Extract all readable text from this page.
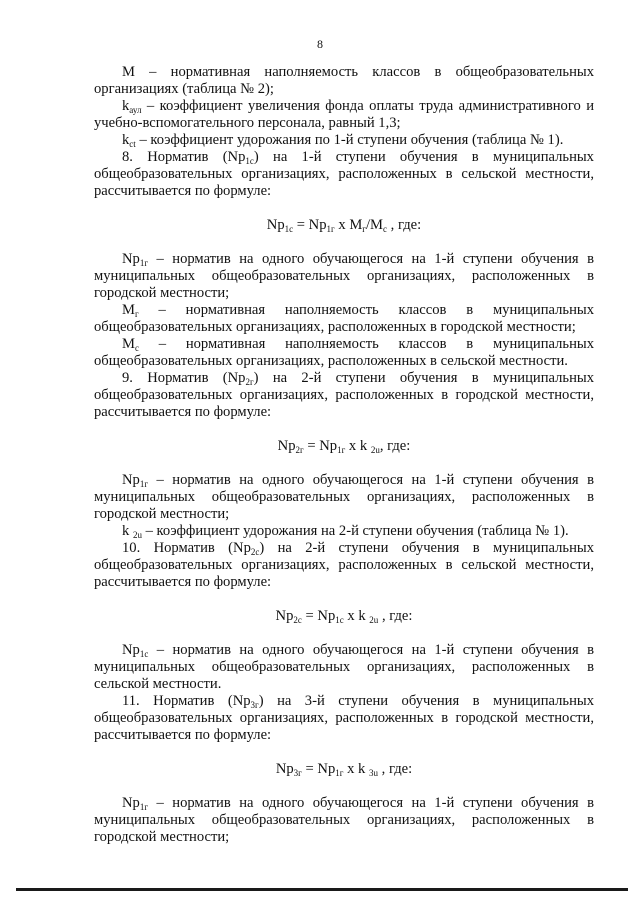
8

М – нормативная наполняемость классов в общеобразовательных организациях (таблица № 2);

$k_{аул}$ – коэффициент увеличения фонда оплаты труда административного и учебно-вспомогательного персонала, равный 1,3;

$k_{ct}$ – коэффициент удорожания по 1-й ступени обучения (таблица № 1).

8. Норматив $(Np_{1c})$ на 1-й ступени обучения в муниципальных общеобразовательных организациях, расположенных в сельской местности, рассчитывается по формуле:

$Np_{1c} = Np_{1г}$ x $M_г/M_c$ , где:

$Np_{1г}$ – норматив на одного обучающегося на 1-й ступени обучения в муниципальных общеобразовательных организациях, расположенных в городской местности;

$М_г$ – нормативная наполняемость классов в муниципальных общеобразовательных организациях, расположенных в городской местности;

$М_c$ – нормативная наполняемость классов в муниципальных общеобразовательных организациях, расположенных в сельской местности.

9. Норматив $(Np_{2г})$ на 2-й ступени обучения в муниципальных общеобразовательных организациях, расположенных в городской местности, рассчитывается по формуле:

$Np_{2г} = Np_{1г}$ x k $_{2u}$, где:

$Np_{1г}$ – норматив на одного обучающегося на 1-й ступени обучения в муниципальных общеобразовательных организациях, расположенных в городской местности;

k $_{2u}$ – коэффициент удорожания на 2-й ступени обучения (таблица № 1).

10. Норматив $(Np_{2c})$ на 2-й ступени обучения в муниципальных общеобразовательных организациях, расположенных в сельской местности, рассчитывается по формуле:

$Np_{2c} = Np_{1c}$ x k $_{2u}$ , где:

$Np_{1c}$ – норматив на одного обучающегося на 1-й ступени обучения в муниципальных общеобразовательных организациях, расположенных в сельской местности.

11. Норматив $(Np_{3г})$ на 3-й ступени обучения в муниципальных общеобразовательных организациях, расположенных в городской местности, рассчитывается по формуле:

$Np_{3г} = Np_{1г}$ x k $_{3u}$ , где:

$Np_{1г}$ – норматив на одного обучающегося на 1-й ступени обучения в муниципальных общеобразовательных организациях, расположенных в городской местности;
